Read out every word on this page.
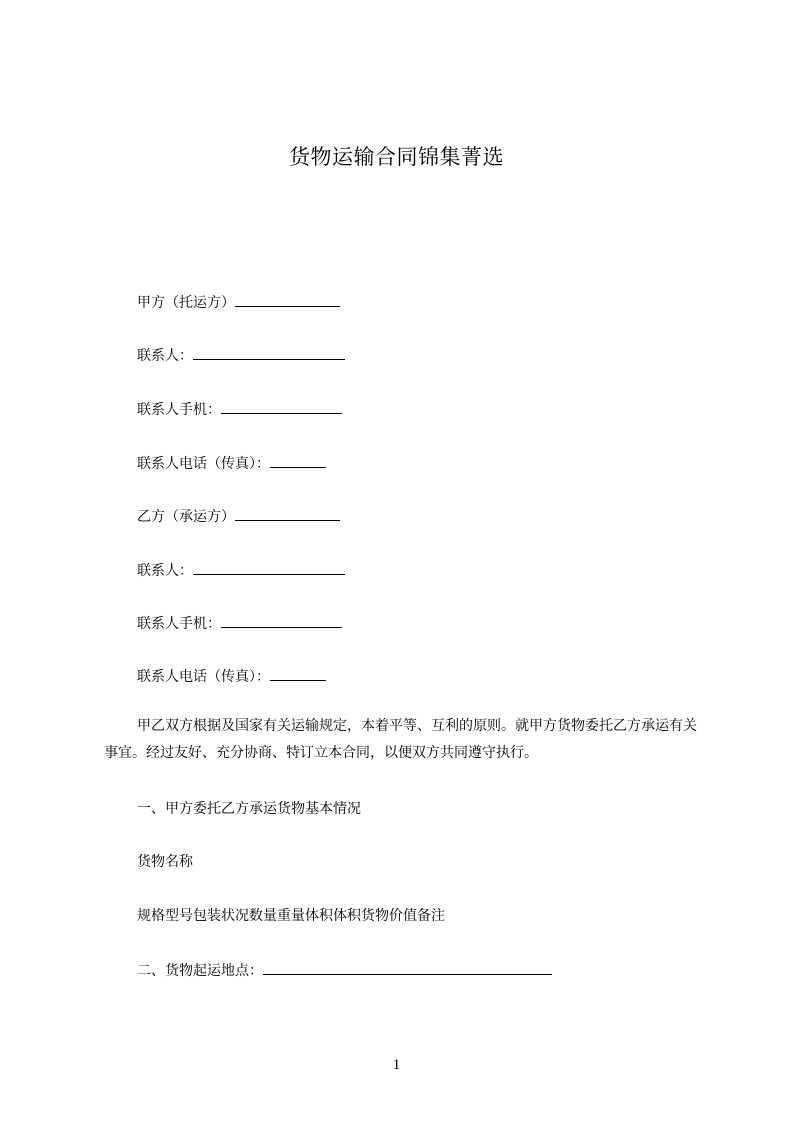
货物运输合同锦集菁选
甲方（托运方）
联系人：
联系人手机：
联系人电话（传真）：
乙方（承运方）
联系人：
联系人手机：
联系人电话（传真）：
甲乙双方根据及国家有关运输规定，本着平等、互利的原则。就甲方货物委托乙方承运有关事宜。经过友好、充分协商、特订立本合同，以便双方共同遵守执行。
一、甲方委托乙方承运货物基本情况
货物名称
规格型号包装状况数量重量体积体积货物价值备注
二、货物起运地点：
1
